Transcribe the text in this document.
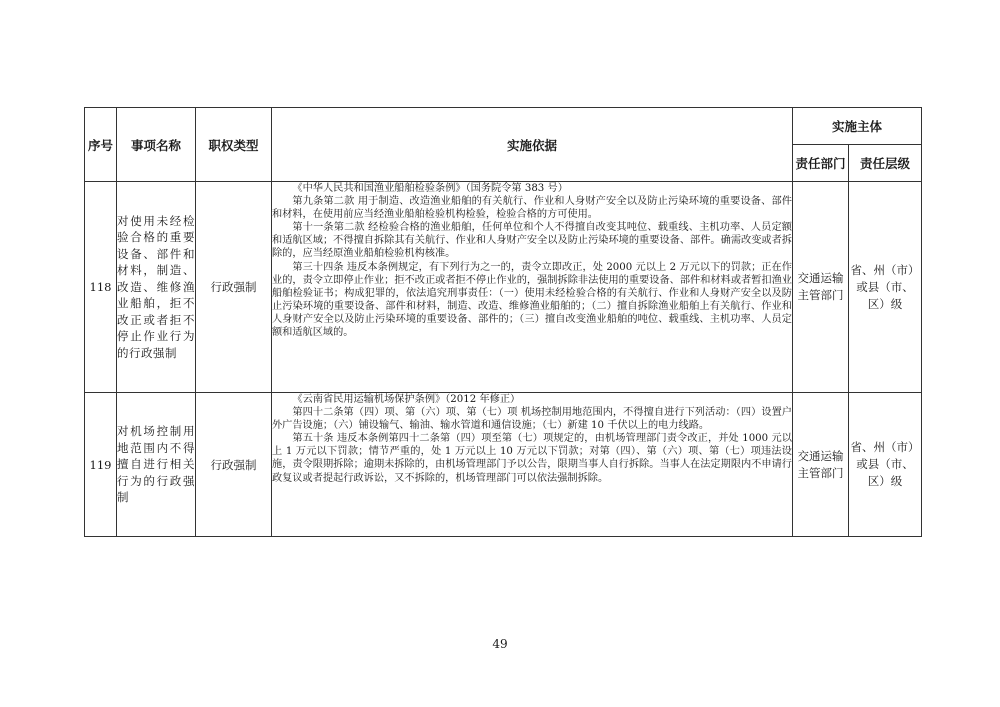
序号	事项名称	职权类型	实施依据	实施主体	
				责任部门	责任层级
118	对使用未经检验合格的重要设备、部件和材料，制造、改造、维修渔业船舶，拒不改正或者拒不停止作业行为的行政强制	行政强制	《中华人民共和国渔业船舶检验条例》（国务院令第 383 号）

第九条第二款 用于制造、改造渔业船舶的有关航行、作业和人身财产安全以及防止污染环境的重要设备、部件和材料，在使用前应当经渔业船舶检验机构检验，检验合格的方可使用。

第十一条第二款 经检验合格的渔业船舶，任何单位和个人不得擅自改变其吨位、载重线、主机功率、人员定额和适航区域；不得擅自拆除其有关航行、作业和人身财产安全以及防止污染环境的重要设备、部件。确需改变或者拆除的，应当经原渔业船舶检验机构核准。

第三十四条 违反本条例规定，有下列行为之一的，责令立即改正，处 2000 元以上 2 万元以下的罚款；正在作业的，责令立即停止作业；拒不改正或者拒不停止作业的，强制拆除非法使用的重要设备、部件和材料或者暂扣渔业船舶检验证书；构成犯罪的，依法追究刑事责任：（一）使用未经检验合格的有关航行、作业和人身财产安全以及防止污染环境的重要设备、部件和材料，制造、改造、维修渔业船舶的；（二）擅自拆除渔业船舶上有关航行、作业和人身财产安全以及防止污染环境的重要设备、部件的；（三）擅自改变渔业船舶的吨位、载重线、主机功率、人员定额和适航区域的。	交通运输主管部门	省、州（市）或县（市、区）级
119	对机场控制用地范围内不得擅自进行相关行为的行政强制	行政强制	《云南省民用运输机场保护条例》（2012 年修正）

第四十二条第（四）项、第（六）项、第（七）项 机场控制用地范围内，不得擅自进行下列活动：（四）设置户外广告设施；（六）铺设输气、输油、输水管道和通信设施；（七）新建 10 千伏以上的电力线路。

第五十条 违反本条例第四十二条第（四）项至第（七）项规定的，由机场管理部门责令改正，并处 1000 元以上 1 万元以下罚款；情节严重的，处 1 万元以上 10 万元以下罚款；对第（四）、第（六）项、第（七）项违法设施，责令限期拆除；逾期未拆除的，由机场管理部门予以公告，限期当事人自行拆除。当事人在法定期限内不申请行政复议或者提起行政诉讼，又不拆除的，机场管理部门可以依法强制拆除。	交通运输主管部门	省、州（市）或县（市、区）级
49
